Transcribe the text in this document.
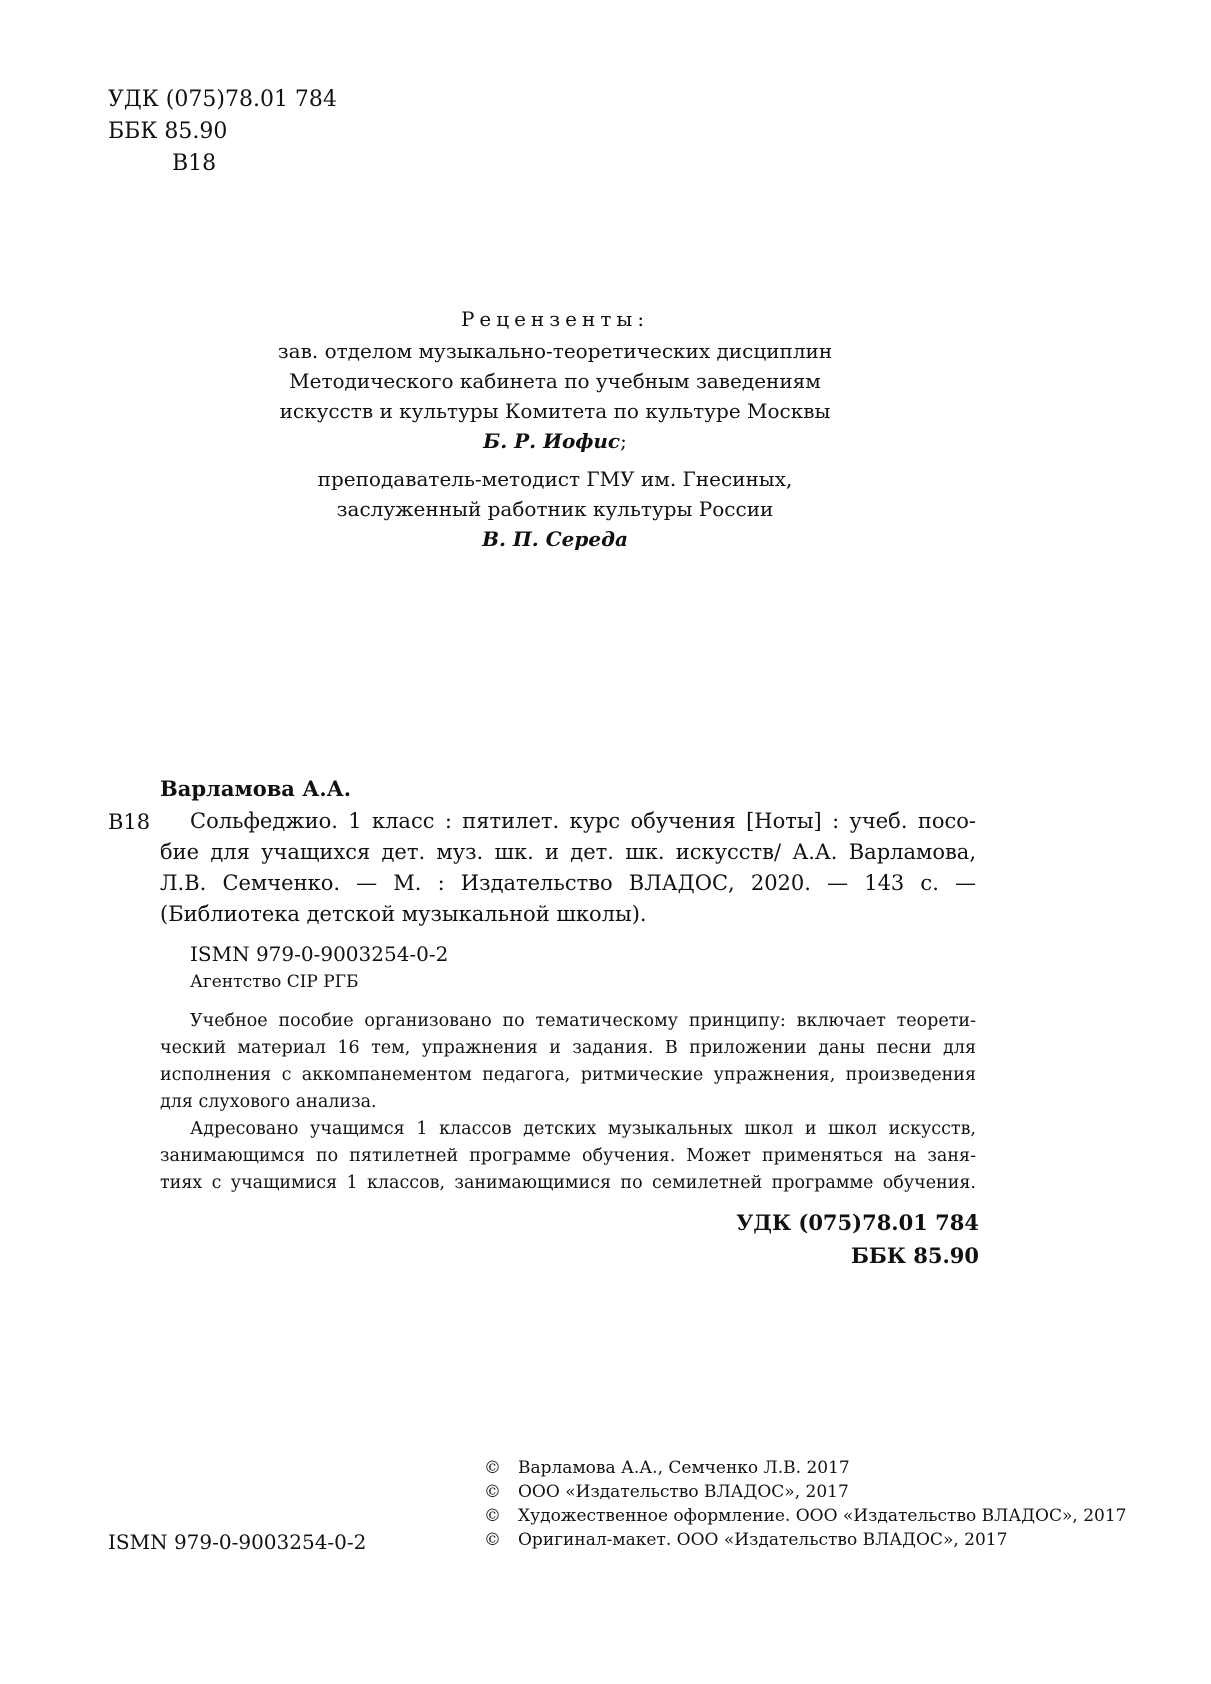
УДК (075)78.01 784
ББК 85.90
В18
Рецензенты:
зав. отделом музыкально-теоретических дисциплин
Методического кабинета по учебным заведениям
искусств и культуры Комитета по культуре Москвы
Б. Р. Иофис;
преподаватель-методист ГМУ им. Гнесиных,
заслуженный работник культуры России
В. П. Середа
Варламова А.А.
В18	Сольфеджио. 1 класс : пятилет. курс обучения [Ноты] : учеб. посо-
бие для учащихся дет. муз. шк. и дет. шк. искусств/ А.А. Варламова,
Л.В. Семченко. — М. : Издательство ВЛАДОС, 2020. — 143 с. —
(Библиотека детской музыкальной школы).
ISMN 979-0-9003254-0-2
Агентство CIP РГБ
Учебное пособие организовано по тематическому принципу: включает теорети-
ческий материал 16 тем, упражнения и задания. В приложении даны песни для
исполнения с аккомпанементом педагога, ритмические упражнения, произведения
для слухового анализа.
Адресовано учащимся 1 классов детских музыкальных школ и школ искусств,
занимающимся по пятилетней программе обучения. Может применяться на заня-
тиях с учащимися 1 классов, занимающимися по семилетней программе обучения.
УДК (075)78.01 784
ББК 85.90
© Варламова А.А., Семченко Л.В. 2017
© ООО «Издательство ВЛАДОС», 2017
© Художественное оформление. ООО «Издательство ВЛАДОС», 2017
© Оригинал-макет. ООО «Издательство ВЛАДОС», 2017
ISMN 979-0-9003254-0-2
